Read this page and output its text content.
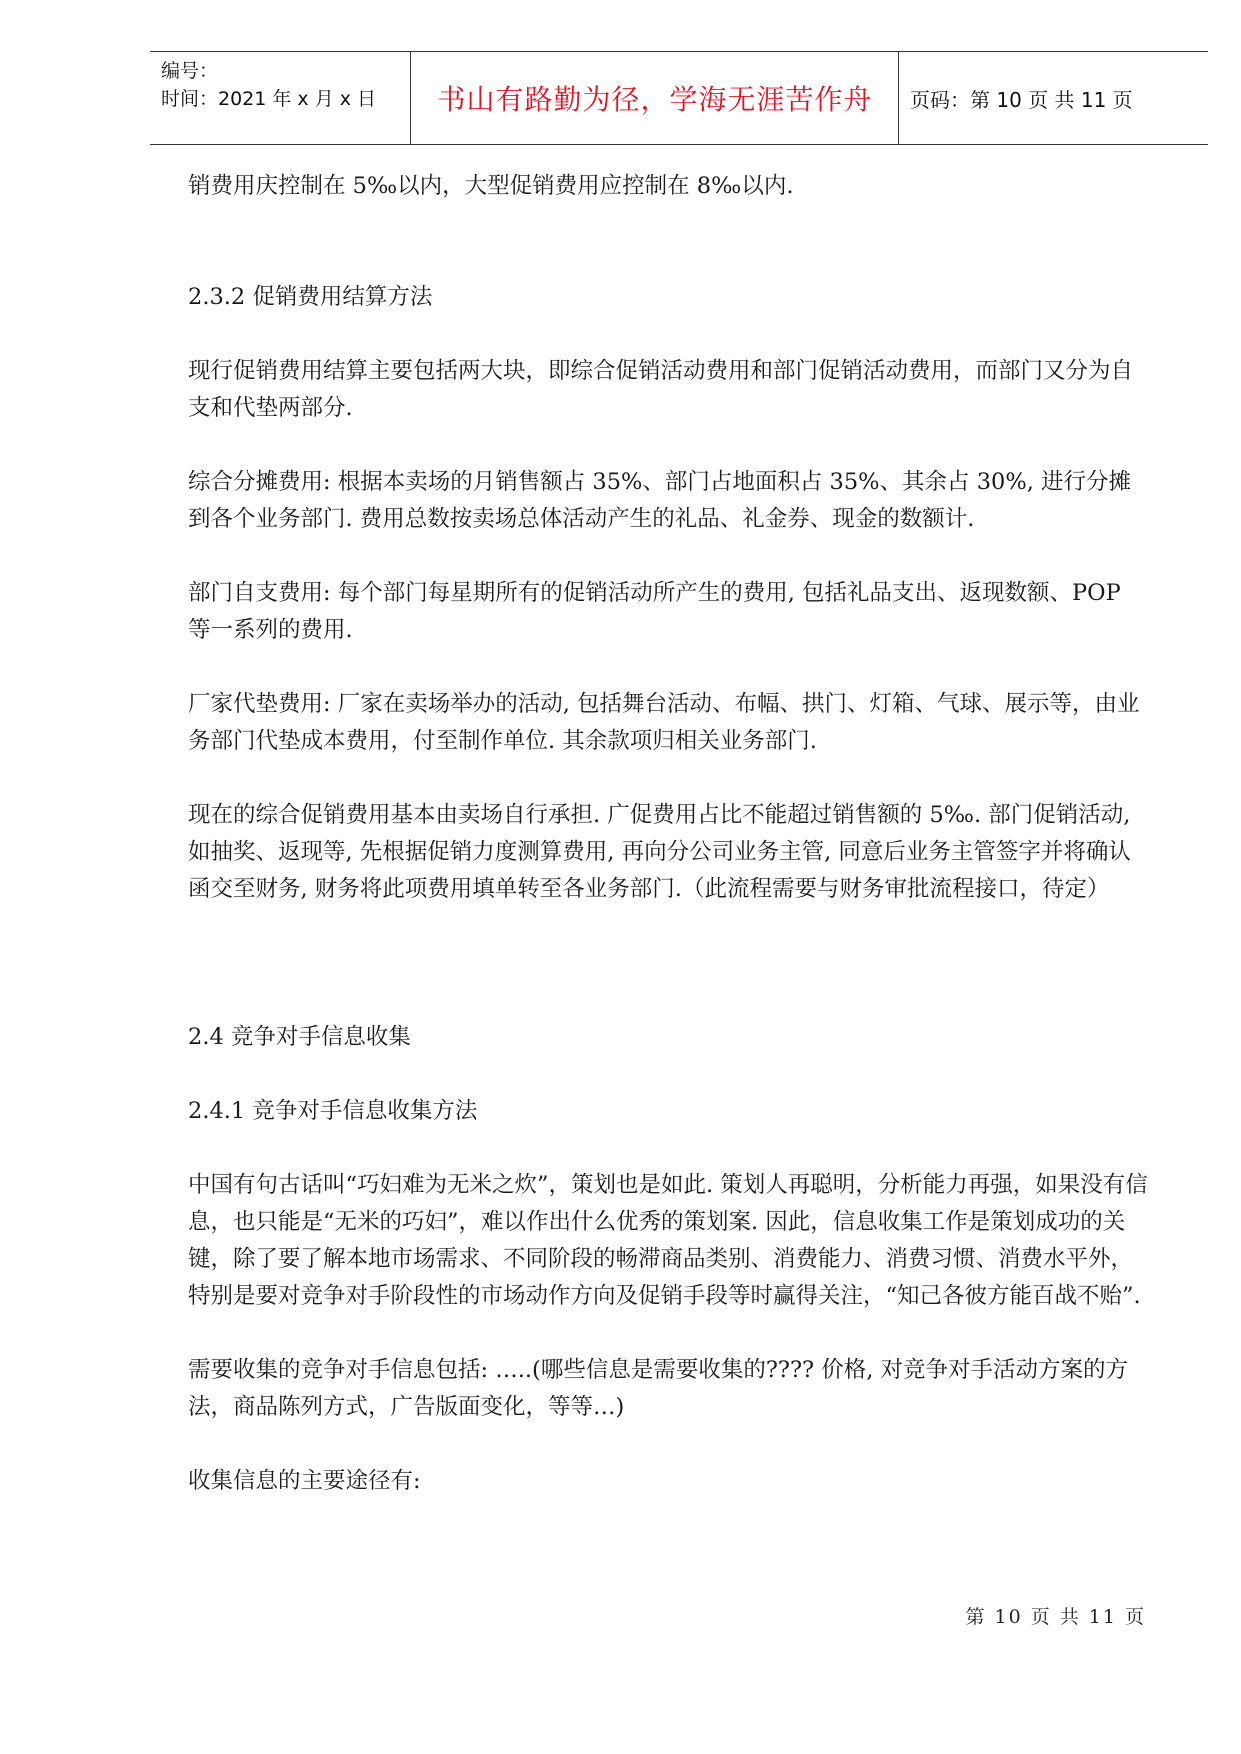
编号：
时间：2021 年 x 月 x 日	书山有路勤为径，学海无涯苦作舟	页码：第 10 页 共 11 页

销费用庆控制在 5‰以内，大型促销费用应控制在 8‰以内.

2.3.2 促销费用结算方法

现行促销费用结算主要包括两大块，即综合促销活动费用和部门促销活动费用，而部门又分为自支和代垫两部分.

综合分摊费用: 根据本卖场的月销售额占 35%、部门占地面积占 35%、其余占 30%, 进行分摊到各个业务部门. 费用总数按卖场总体活动产生的礼品、礼金券、现金的数额计.

部门自支费用: 每个部门每星期所有的促销活动所产生的费用, 包括礼品支出、返现数额、POP 等一系列的费用.

厂家代垫费用: 厂家在卖场举办的活动, 包括舞台活动、布幅、拱门、灯箱、气球、展示等，由业务部门代垫成本费用，付至制作单位. 其余款项归相关业务部门.

现在的综合促销费用基本由卖场自行承担. 广促费用占比不能超过销售额的 5‰. 部门促销活动, 如抽奖、返现等, 先根据促销力度测算费用, 再向分公司业务主管, 同意后业务主管签字并将确认函交至财务, 财务将此项费用填单转至各业务部门.（此流程需要与财务审批流程接口，待定）

2.4 竞争对手信息收集

2.4.1 竞争对手信息收集方法

中国有句古话叫“巧妇难为无米之炊”，策划也是如此. 策划人再聪明，分析能力再强，如果没有信息，也只能是“无米的巧妇”，难以作出什么优秀的策划案. 因此，信息收集工作是策划成功的关键，除了要了解本地市场需求、不同阶段的畅滞商品类别、消费能力、消费习惯、消费水平外，特别是要对竞争对手阶段性的市场动作方向及促销手段等时赢得关注，“知己各彼方能百战不贻”.

需要收集的竞争对手信息包括: …..(哪些信息是需要收集的???? 价格, 对竞争对手活动方案的方法，商品陈列方式，广告版面变化，等等…)

收集信息的主要途径有:

第 10 页 共 11 页
